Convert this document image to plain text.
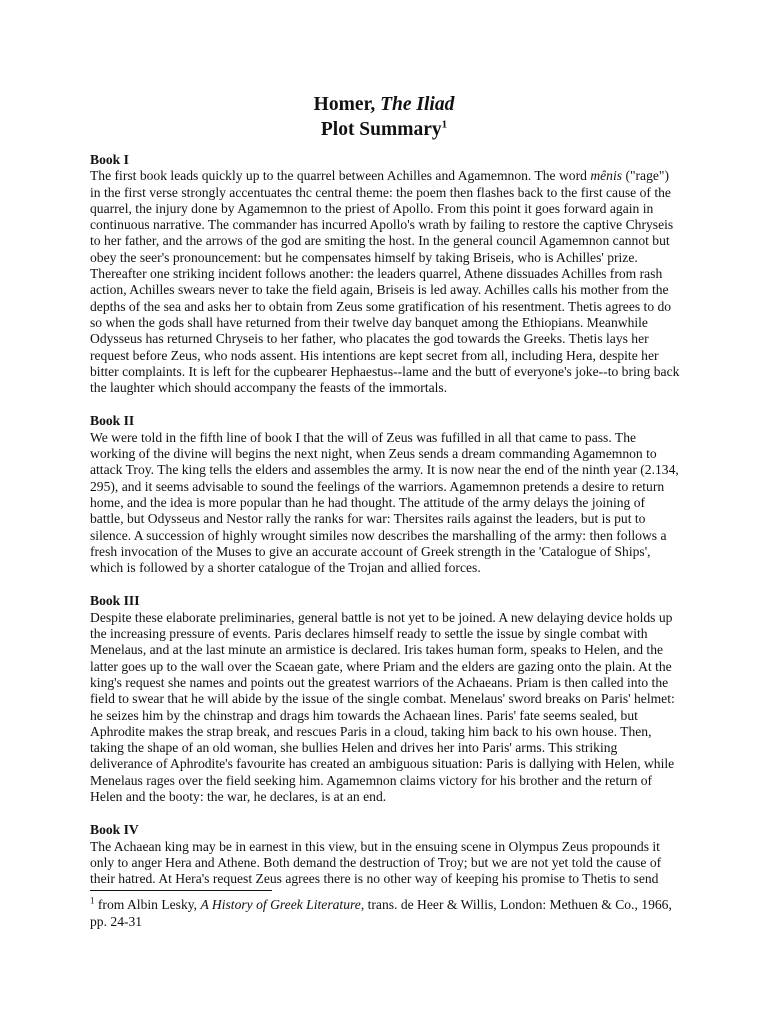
Homer, The Iliad
Plot Summary$^1$

Book I

The first book leads quickly up to the quarrel between Achilles and Agamemnon. The word mênis ("rage") in the first verse strongly accentuates thc central theme: the poem then flashes back to the first cause of the quarrel, the injury done by Agamemnon to the priest of Apollo. From this point it goes forward again in continuous narrative. The commander has incurred Apollo's wrath by failing to restore the captive Chryseis to her father, and the arrows of the god are smiting the host. In the general council Agamemnon cannot but obey the seer's pronouncement: but he compensates himself by taking Briseis, who is Achilles' prize. Thereafter one striking incident follows another: the leaders quarrel, Athene dissuades Achilles from rash action, Achilles swears never to take the field again, Briseis is led away. Achilles calls his mother from the depths of the sea and asks her to obtain from Zeus some gratification of his resentment. Thetis agrees to do so when the gods shall have returned from their twelve day banquet among the Ethiopians. Meanwhile Odysseus has returned Chryseis to her father, who placates the god towards the Greeks. Thetis lays her request before Zeus, who nods assent. His intentions are kept secret from all, including Hera, despite her bitter complaints. It is left for the cupbearer Hephaestus--lame and the butt of everyone's joke--to bring back the laughter which should accompany the feasts of the immortals.

Book II

We were told in the fifth line of book I that the will of Zeus was fufilled in all that came to pass. The working of the divine will begins the next night, when Zeus sends a dream commanding Agamemnon to attack Troy. The king tells the elders and assembles the army. It is now near the end of the ninth year (2.134, 295), and it seems advisable to sound the feelings of the warriors. Agamemnon pretends a desire to return home, and the idea is more popular than he had thought. The attitude of the army delays the joining of battle, but Odysseus and Nestor rally the ranks for war: Thersites rails against the leaders, but is put to silence. A succession of highly wrought similes now describes the marshalling of the army: then follows a fresh invocation of the Muses to give an accurate account of Greek strength in the 'Catalogue of Ships', which is followed by a shorter catalogue of the Trojan and allied forces.

Book III

Despite these elaborate preliminaries, general battle is not yet to be joined. A new delaying device holds up the increasing pressure of events. Paris declares himself ready to settle the issue by single combat with Menelaus, and at the last minute an armistice is declared. Iris takes human form, speaks to Helen, and the latter goes up to the wall over the Scaean gate, where Priam and the elders are gazing onto the plain. At the king's request she names and points out the greatest warriors of the Achaeans. Priam is then called into the field to swear that he will abide by the issue of the single combat. Menelaus' sword breaks on Paris' helmet: he seizes him by the chinstrap and drags him towards the Achaean lines. Paris' fate seems sealed, but Aphrodite makes the strap break, and rescues Paris in a cloud, taking him back to his own house. Then, taking the shape of an old woman, she bullies Helen and drives her into Paris' arms. This striking deliverance of Aphrodite's favourite has created an ambiguous situation: Paris is dallying with Helen, while Menelaus rages over the field seeking him. Agamemnon claims victory for his brother and the return of Helen and the booty: the war, he declares, is at an end.

Book IV

The Achaean king may be in earnest in this view, but in the ensuing scene in Olympus Zeus propounds it only to anger Hera and Athene. Both demand the destruction of Troy; but we are not yet told the cause of their hatred. At Hera's request Zeus agrees there is no other way of keeping his promise to Thetis to send

$^1$ from Albin Lesky, A History of Greek Literature, trans. de Heer & Willis, London: Methuen & Co., 1966, pp. 24-31
